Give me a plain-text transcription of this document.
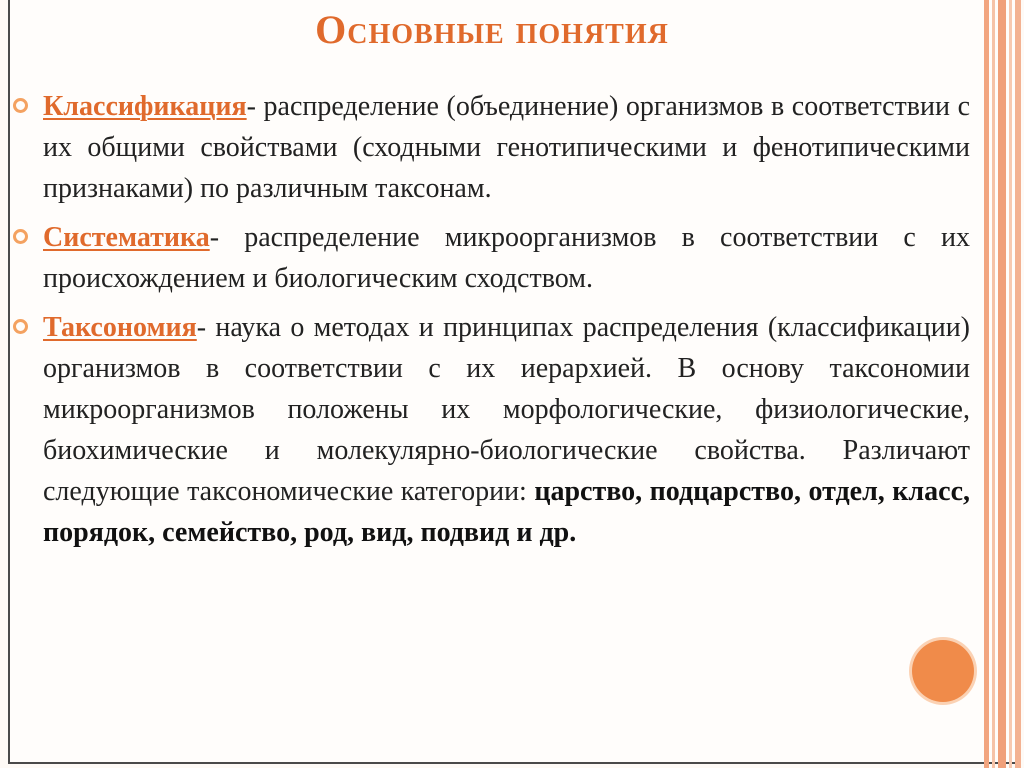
Основные понятия
Классификация- распределение (объединение) организмов в соответствии с их общими свойствами (сходными генотипическими и фенотипическими признаками) по различным таксонам.
Систематика- распределение микроорганизмов в соответствии с их происхождением и биологическим сходством.
Таксономия- наука о методах и принципах распределения (классификации) организмов в соответствии с их иерархией. В основу таксономии микроорганизмов положены их морфологические, физиологические, биохимические и молекулярно-биологические свойства. Различают следующие таксономические категории: царство, подцарство, отдел, класс, порядок, семейство, род, вид, подвид и др.
